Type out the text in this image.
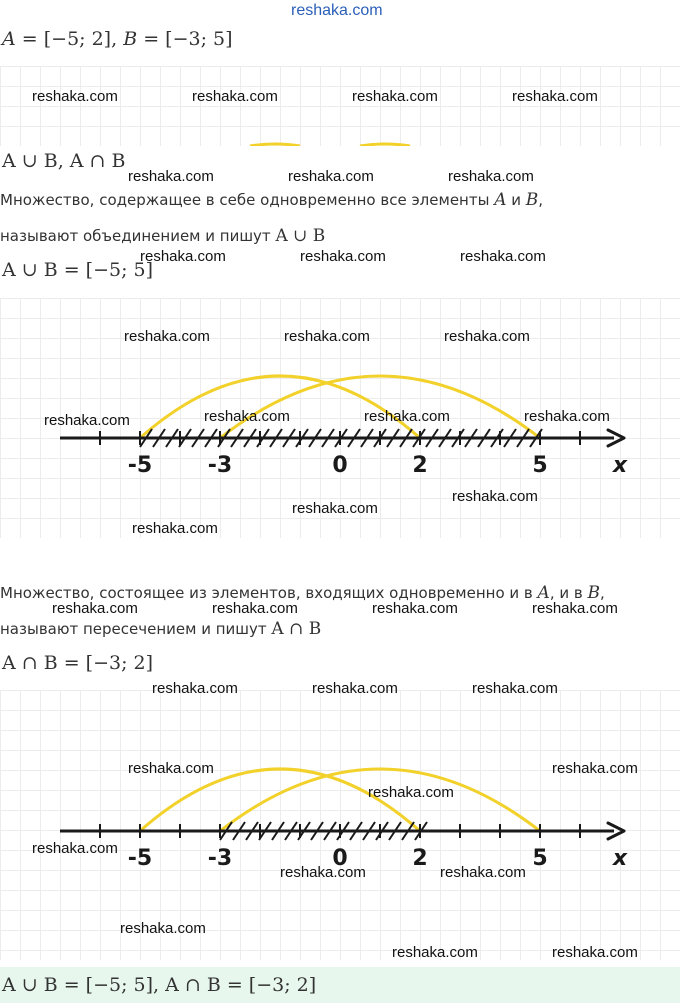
reshaka.com
A = [−5; 2], B = [−3; 5]
A ∪ B, A ∩ B
Множество, содержащее в себе одновременно все элементы A и B,
называют объединением и пишут A ∪ B
A ∪ B = [−5; 5]
-5	-3	0	2	5	x
Множество, состоящее из элементов, входящих одновременно и в A, и в B,
называют пересечением и пишут A ∩ B
A ∩ B = [−3; 2]
-5	-3	0	2	5	x
A ∪ B = [−5; 5], A ∩ B = [−3; 2]
reshaka.com	reshaka.com	reshaka.com	reshaka.com
reshaka.com	reshaka.com	reshaka.com
reshaka.com	reshaka.com	reshaka.com
reshaka.com	reshaka.com	reshaka.com
reshaka.com	reshaka.com	reshaka.com	reshaka.com
reshaka.com
reshaka.com
reshaka.com
reshaka.com	reshaka.com	reshaka.com	reshaka.com
reshaka.com	reshaka.com	reshaka.com
reshaka.com	reshaka.com
reshaka.com
reshaka.com
reshaka.com	reshaka.com
reshaka.com
reshaka.com	reshaka.com
